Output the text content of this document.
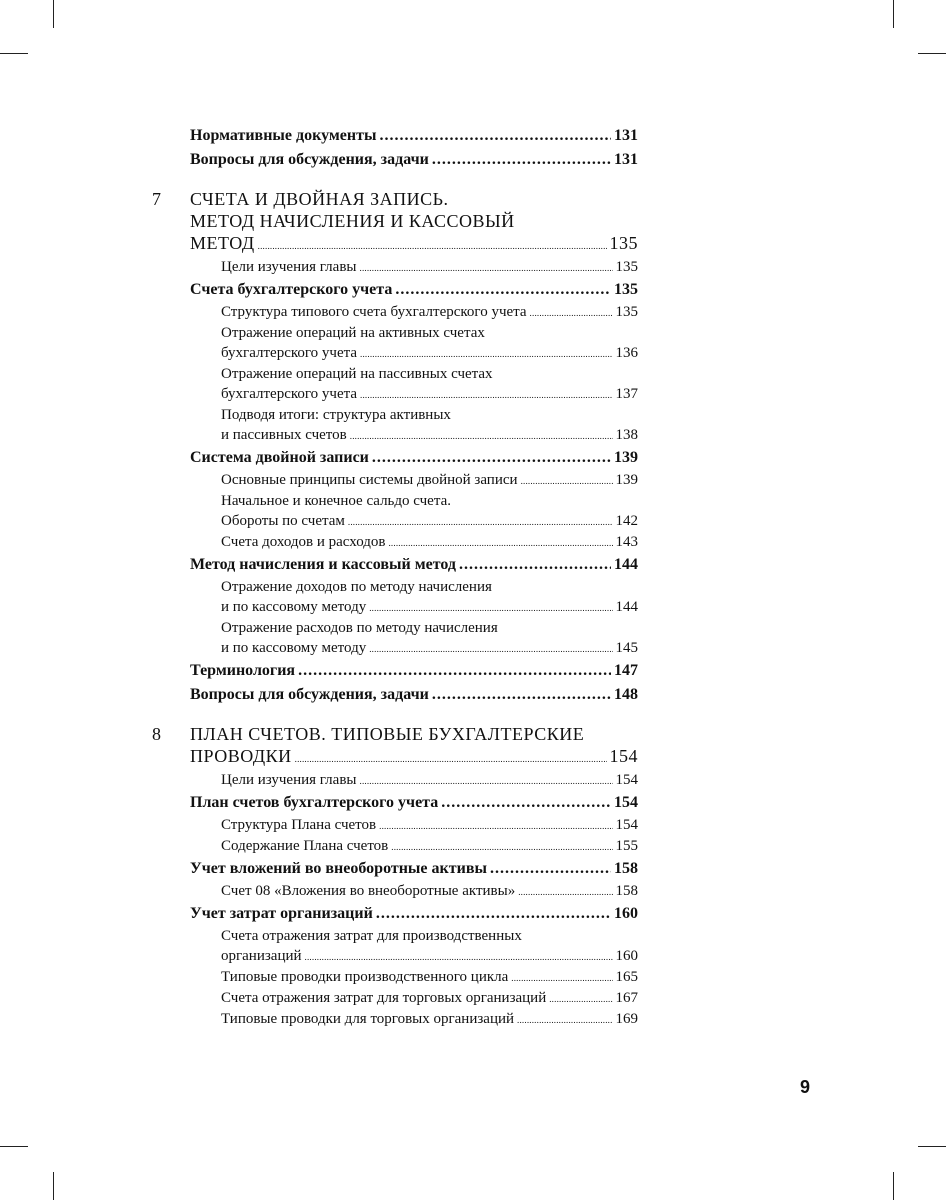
Нормативные документы .....	131
Вопросы для обсуждения, задачи .....	131
7 СЧЕТА И ДВОЙНАЯ ЗАПИСЬ.
МЕТОД НАЧИСЛЕНИЯ И КАССОВЫЙ
МЕТОД .....	135
Цели изучения главы .....	135
Счета бухгалтерского учета .....	135
Структура типового счета бухгалтерского учета .....	135
Отражение операций на активных счетах
бухгалтерского учета .....	136
Отражение операций на пассивных счетах
бухгалтерского учета .....	137
Подводя итоги: структура активных
и пассивных счетов .....	138
Система двойной записи .....	139
Основные принципы системы двойной записи .....	139
Начальное и конечное сальдо счета.
Обороты по счетам .....	142
Счета доходов и расходов .....	143
Метод начисления и кассовый метод .....	144
Отражение доходов по методу начисления
и по кассовому методу .....	144
Отражение расходов по методу начисления
и по кассовому методу .....	145
Терминология .....	147
Вопросы для обсуждения, задачи .....	148
8 ПЛАН СЧЕТОВ. ТИПОВЫЕ БУХГАЛТЕРСКИЕ
ПРОВОДКИ .....	154
Цели изучения главы .....	154
План счетов бухгалтерского учета .....	154
Структура Плана счетов .....	154
Содержание Плана счетов .....	155
Учет вложений во внеоборотные активы .....	158
Счет 08 «Вложения во внеоборотные активы» .....	158
Учет затрат организаций .....	160
Счета отражения затрат для производственных
организаций .....	160
Типовые проводки производственного цикла .....	165
Счета отражения затрат для торговых организаций .....	167
Типовые проводки для торговых организаций .....	169
9
